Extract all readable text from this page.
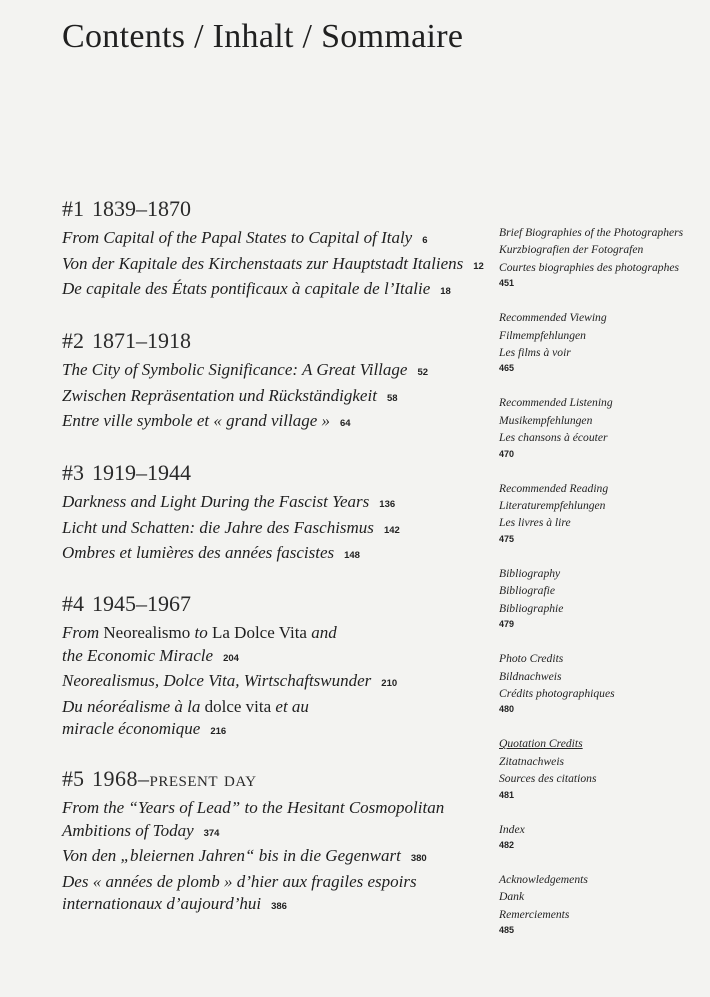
Contents / Inhalt / Sommaire
#1 1839–1870
From Capital of the Papal States to Capital of Italy 6
Von der Kapitale des Kirchenstaats zur Hauptstadt Italiens 12
De capitale des États pontificaux à capitale de l’Italie 18
#2 1871–1918
The City of Symbolic Significance: A Great Village 52
Zwischen Repräsentation und Rückständigkeit 58
Entre ville symbole et « grand village » 64
#3 1919–1944
Darkness and Light During the Fascist Years 136
Licht und Schatten: die Jahre des Faschismus 142
Ombres et lumières des années fascistes 148
#4 1945–1967
From Neorealismo to La Dolce Vita and
the Economic Miracle 204
Neorealismus, Dolce Vita, Wirtschaftswunder 210
Du néoréalisme à la dolce vita et au
miracle économique 216
#5 1968–present day
From the “Years of Lead” to the Hesitant Cosmopolitan
Ambitions of Today 374
Von den „bleiernen Jahren“ bis in die Gegenwart 380
Des « années de plomb » d’hier aux fragiles espoirs
internationaux d’aujourd’hui 386
Brief Biographies of the Photographers
Kurzbiografien der Fotografen
Courtes biographies des photographes
451
Recommended Viewing
Filmempfehlungen
Les films à voir
465
Recommended Listening
Musikempfehlungen
Les chansons à écouter
470
Recommended Reading
Literaturempfehlungen
Les livres à lire
475
Bibliography
Bibliografie
Bibliographie
479
Photo Credits
Bildnachweis
Crédits photographiques
480
Quotation Credits
Zitatnachweis
Sources des citations
481
Index
482
Acknowledgements
Dank
Remerciements
485
